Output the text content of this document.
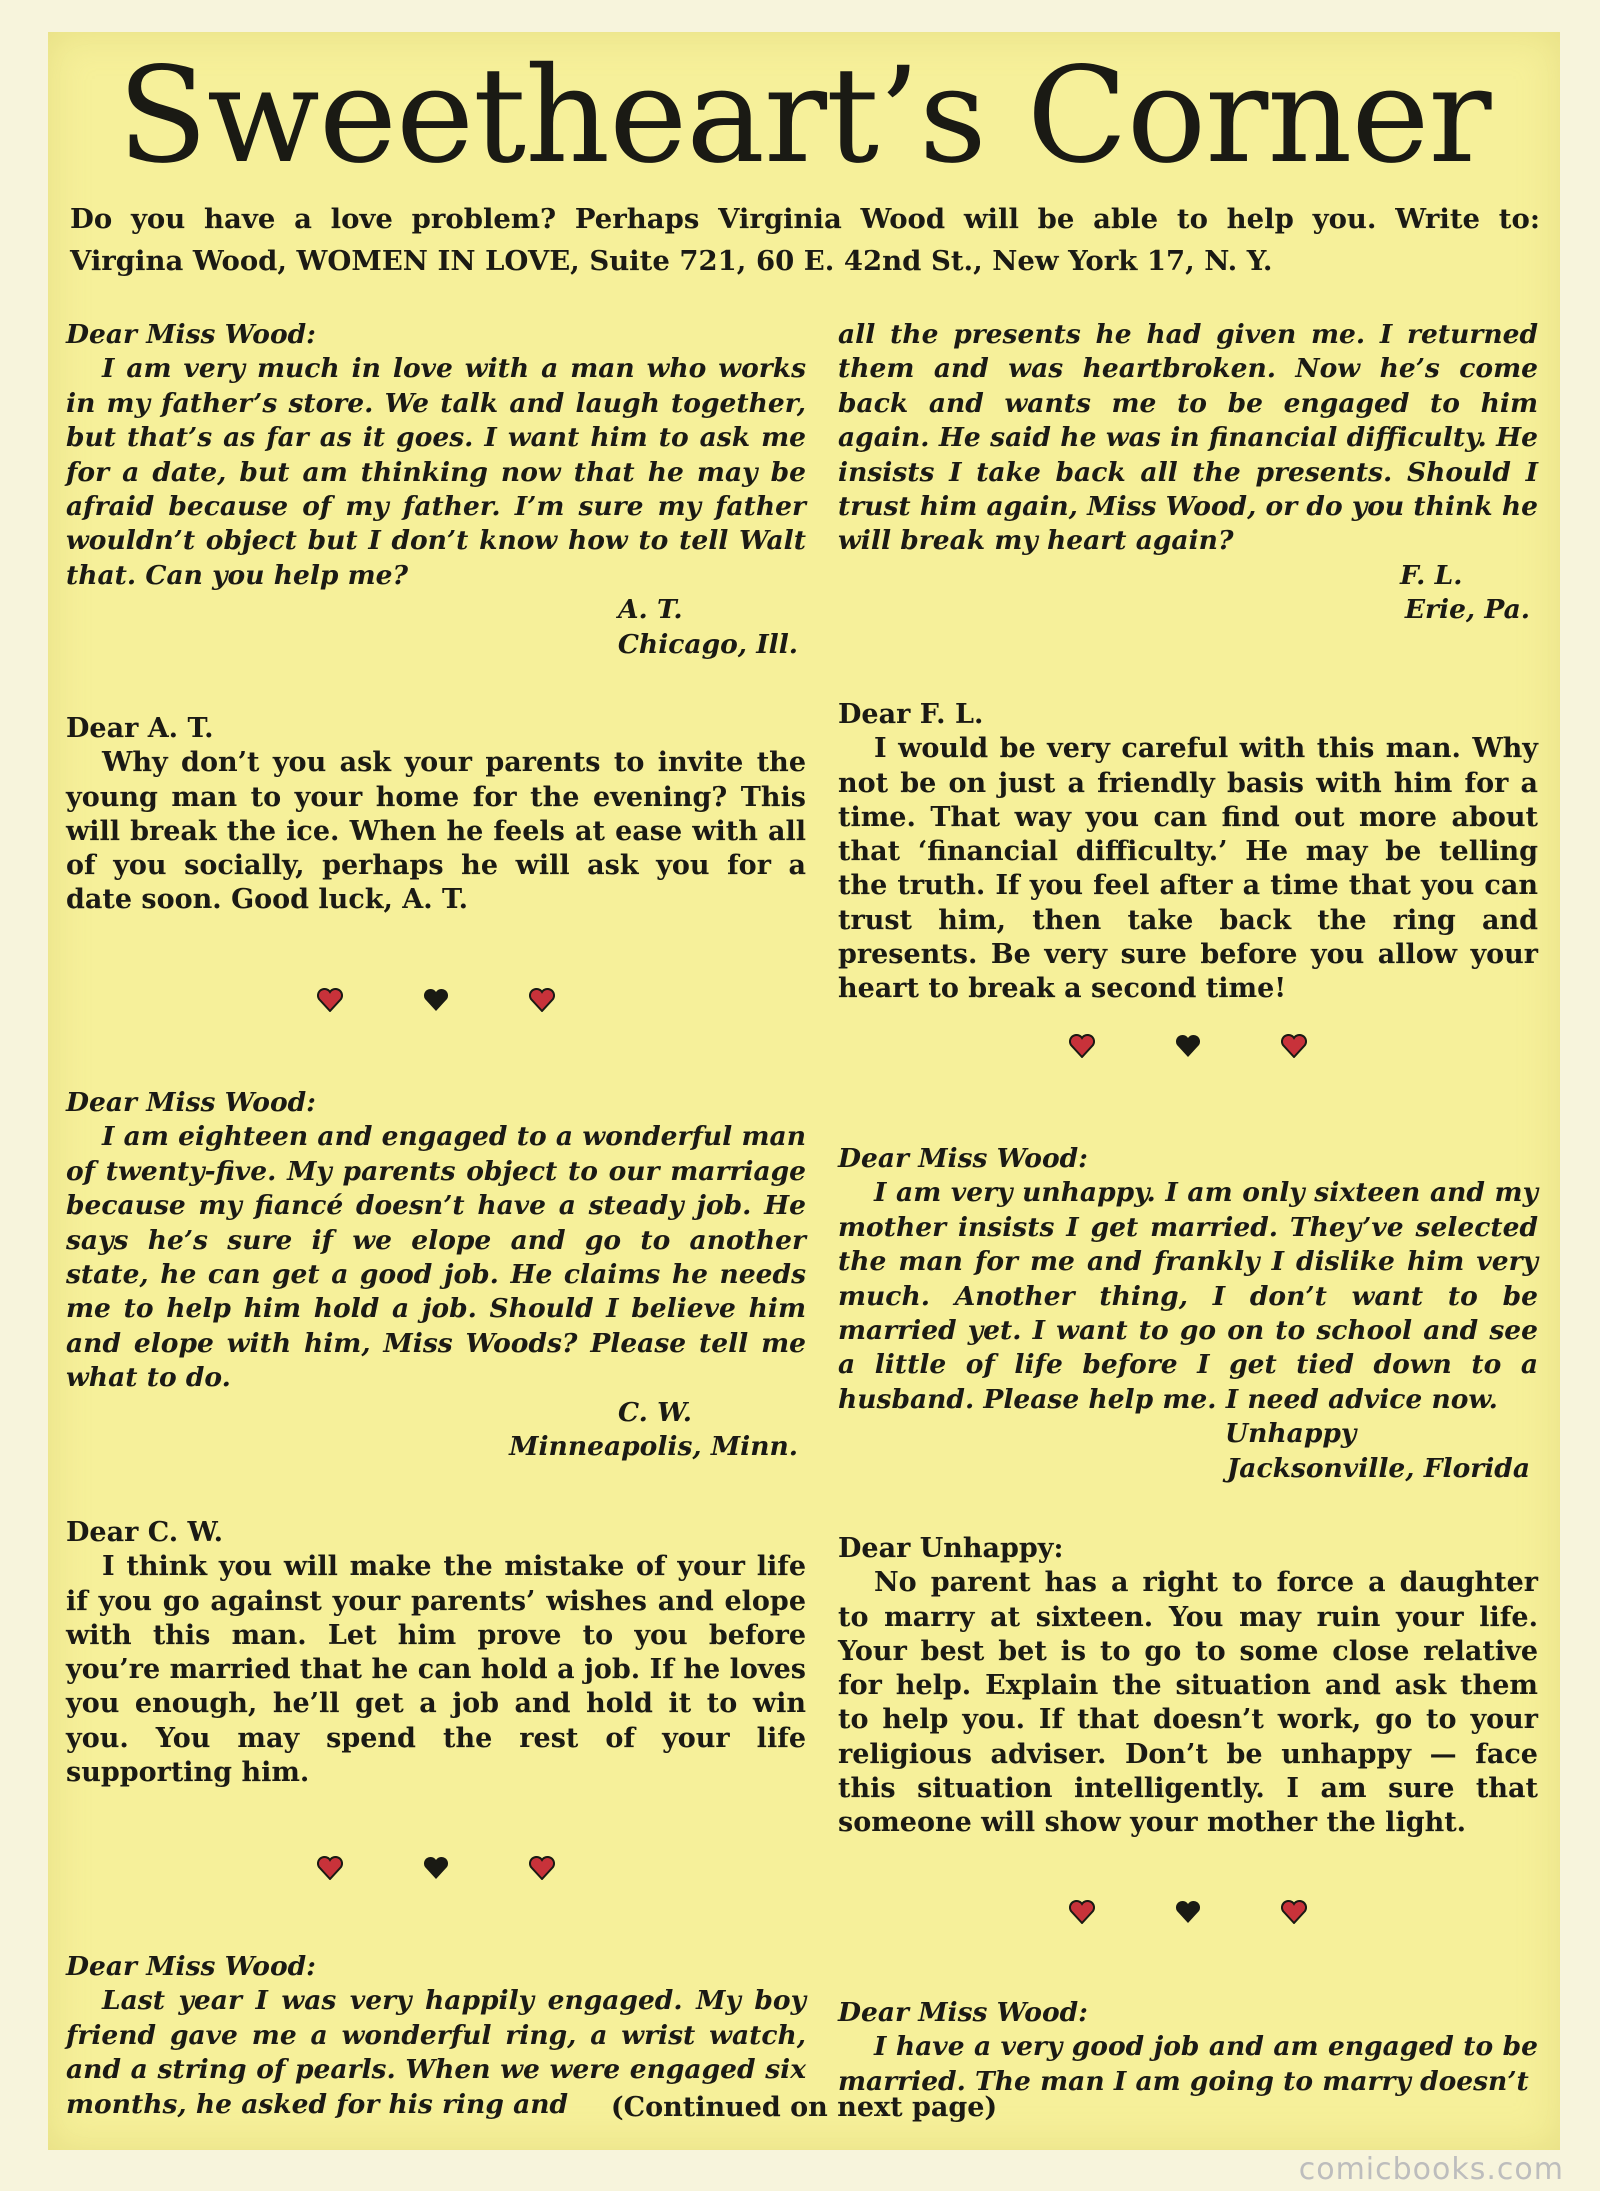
Sweetheart’s Corner

Do you have a love problem? Perhaps Virginia Wood will be able to help you. Write to:

Virgina Wood, WOMEN IN LOVE, Suite 721, 60 E. 42nd St., New York 17, N. Y.

Dear Miss Wood:

I am very much in love with a man who works in my father’s store. We talk and laugh together, but that’s as far as it goes. I want him to ask me for a date, but am thinking now that he may be afraid because of my father. I’m sure my father wouldn’t object but I don’t know how to tell Walt that. Can you help me?

A. T.

Chicago, Ill.

Dear A. T.

Why don’t you ask your parents to invite the young man to your home for the evening? This will break the ice. When he feels at ease with all of you socially, perhaps he will ask you for a date soon. Good luck, A. T.

Dear Miss Wood:

I am eighteen and engaged to a wonderful man of twenty-five. My parents object to our marriage because my fiancé doesn’t have a steady job. He says he’s sure if we elope and go to another state, he can get a good job. He claims he needs me to help him hold a job. Should I believe him and elope with him, Miss Woods? Please tell me what to do.

C. W.

Minneapolis, Minn.

Dear C. W.

I think you will make the mistake of your life if you go against your parents’ wishes and elope with this man. Let him prove to you before you’re married that he can hold a job. If he loves you enough, he’ll get a job and hold it to win you. You may spend the rest of your life supporting him.

Dear Miss Wood:

Last year I was very happily engaged. My boy friend gave me a wonderful ring, a wrist watch, and a string of pearls. When we were engaged six months, he asked for his ring and

all the presents he had given me. I returned them and was heartbroken. Now he’s come back and wants me to be engaged to him again. He said he was in financial difficulty. He insists I take back all the presents. Should I trust him again, Miss Wood, or do you think he will break my heart again?

F. L.

Erie, Pa.

Dear F. L.

I would be very careful with this man. Why not be on just a friendly basis with him for a time. That way you can find out more about that ‘financial difficulty.’ He may be telling the truth. If you feel after a time that you can trust him, then take back the ring and presents. Be very sure before you allow your heart to break a second time!

Dear Miss Wood:

I am very unhappy. I am only sixteen and my mother insists I get married. They’ve selected the man for me and frankly I dislike him very much. Another thing, I don’t want to be married yet. I want to go on to school and see a little of life before I get tied down to a husband. Please help me. I need advice now.

Unhappy

Jacksonville, Florida

Dear Unhappy:

No parent has a right to force a daughter to marry at sixteen. You may ruin your life. Your best bet is to go to some close relative for help. Explain the situation and ask them to help you. If that doesn’t work, go to your religious adviser. Don’t be unhappy — face this situation intelligently. I am sure that someone will show your mother the light.

Dear Miss Wood:

I have a very good job and am engaged to be married. The man I am going to marry doesn’t

(Continued on next page)
comicbooks.com
